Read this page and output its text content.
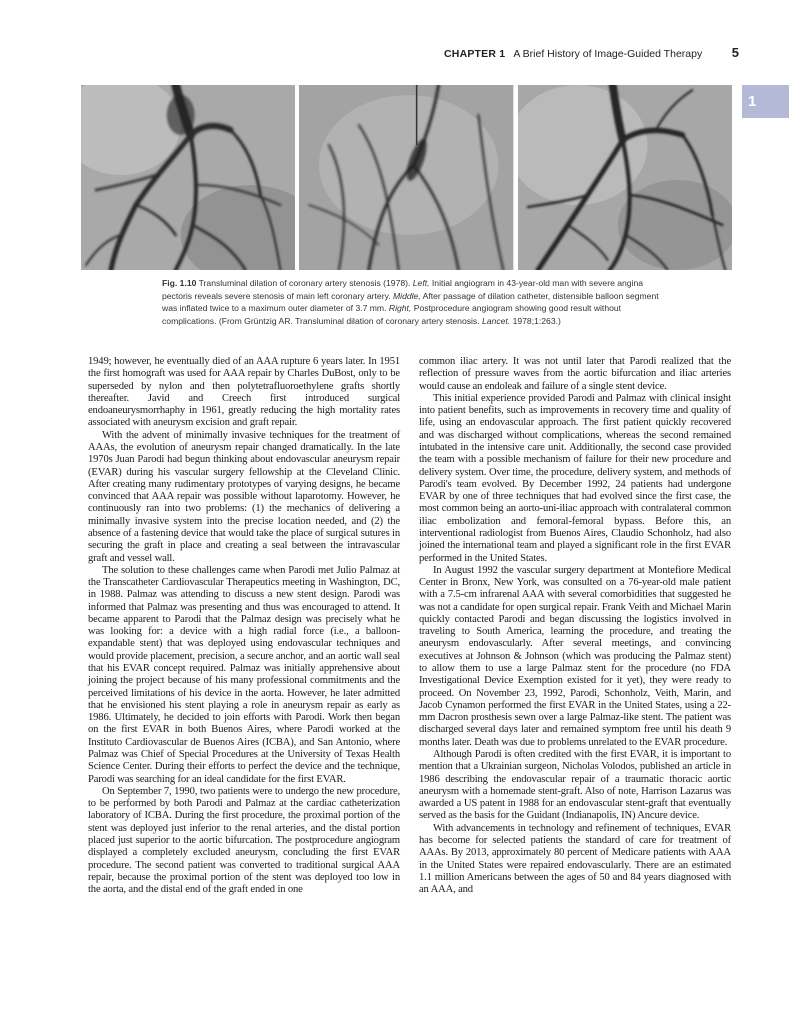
CHAPTER 1 A Brief History of Image-Guided Therapy 5
1
Fig. 1.10 Transluminal dilation of coronary artery stenosis (1978). Left, Initial angiogram in 43-year-old man with severe angina pectoris reveals severe stenosis of main left coronary artery. Middle, After passage of dilation catheter, distensible balloon segment was inflated twice to a maximum outer diameter of 3.7 mm. Right, Postprocedure angiogram showing good result without complications. (From Grüntzig AR. Transluminal dilation of coronary artery stenosis. Lancet. 1978;1:263.)

1949; however, he eventually died of an AAA rupture 6 years later. In 1951 the first homograft was used for AAA repair by Charles DuBost, only to be superseded by nylon and then polytetrafluoroethylene grafts shortly thereafter. Javid and Creech first introduced surgical endoaneurysmorrhaphy in 1961, greatly reducing the high mortality rates associated with aneurysm excision and graft repair.

With the advent of minimally invasive techniques for the treatment of AAAs, the evolution of aneurysm repair changed dramatically. In the late 1970s Juan Parodi had begun thinking about endovascular aneurysm repair (EVAR) during his vascular surgery fellowship at the Cleveland Clinic. After creating many rudimentary prototypes of varying designs, he became convinced that AAA repair was possible without laparotomy. However, he continuously ran into two problems: (1) the mechanics of delivering a minimally invasive system into the precise location needed, and (2) the absence of a fastening device that would take the place of surgical sutures in securing the graft in place and creating a seal between the intravascular graft and vessel wall.

The solution to these challenges came when Parodi met Julio Palmaz at the Transcatheter Cardiovascular Therapeutics meeting in Washington, DC, in 1988. Palmaz was attending to discuss a new stent design. Parodi was informed that Palmaz was presenting and thus was encouraged to attend. It became apparent to Parodi that the Palmaz design was precisely what he was looking for: a device with a high radial force (i.e., a balloon-expandable stent) that was deployed using endovascular techniques and would provide placement, precision, a secure anchor, and an aortic wall seal that his EVAR concept required. Palmaz was initially apprehensive about joining the project because of his many professional commitments and the perceived limitations of his device in the aorta. However, he later admitted that he envisioned his stent playing a role in aneurysm repair as early as 1986. Ultimately, he decided to join efforts with Parodi. Work then began on the first EVAR in both Buenos Aires, where Parodi worked at the Instituto Cardiovascular de Buenos Aires (ICBA), and San Antonio, where Palmaz was Chief of Special Procedures at the University of Texas Health Science Center. During their efforts to perfect the device and the technique, Parodi was searching for an ideal candidate for the first EVAR.

On September 7, 1990, two patients were to undergo the new procedure, to be performed by both Parodi and Palmaz at the cardiac catheterization laboratory of ICBA. During the first procedure, the proximal portion of the stent was deployed just inferior to the renal arteries, and the distal portion placed just superior to the aortic bifurcation. The postprocedure angiogram displayed a completely excluded aneurysm, concluding the first EVAR procedure. The second patient was converted to traditional surgical AAA repair, because the proximal portion of the stent was deployed too low in the aorta, and the distal end of the graft ended in one

common iliac artery. It was not until later that Parodi realized that the reflection of pressure waves from the aortic bifurcation and iliac arteries would cause an endoleak and failure of a single stent device.

This initial experience provided Parodi and Palmaz with clinical insight into patient benefits, such as improvements in recovery time and quality of life, using an endovascular approach. The first patient quickly recovered and was discharged without complications, whereas the second remained intubated in the intensive care unit. Additionally, the second case provided the team with a possible mechanism of failure for their new procedure and delivery system. Over time, the procedure, delivery system, and methods of Parodi's team evolved. By December 1992, 24 patients had undergone EVAR by one of three techniques that had evolved since the first case, the most common being an aorto-uni-iliac approach with contralateral common iliac embolization and femoral-femoral bypass. Before this, an interventional radiologist from Buenos Aires, Claudio Schonholz, had also joined the international team and played a significant role in the first EVAR performed in the United States.

In August 1992 the vascular surgery department at Montefiore Medical Center in Bronx, New York, was consulted on a 76-year-old male patient with a 7.5-cm infrarenal AAA with several comorbidities that suggested he was not a candidate for open surgical repair. Frank Veith and Michael Marin quickly contacted Parodi and began discussing the logistics involved in traveling to South America, learning the procedure, and treating the aneurysm endovascularly. After several meetings, and convincing executives at Johnson & Johnson (which was producing the Palmaz stent) to allow them to use a large Palmaz stent for the procedure (no FDA Investigational Device Exemption existed for it yet), they were ready to proceed. On November 23, 1992, Parodi, Schonholz, Veith, Marin, and Jacob Cynamon performed the first EVAR in the United States, using a 22-mm Dacron prosthesis sewn over a large Palmaz-like stent. The patient was discharged several days later and remained symptom free until his death 9 months later. Death was due to problems unrelated to the EVAR procedure.

Although Parodi is often credited with the first EVAR, it is important to mention that a Ukrainian surgeon, Nicholas Volodos, published an article in 1986 describing the endovascular repair of a traumatic thoracic aortic aneurysm with a homemade stent-graft. Also of note, Harrison Lazarus was awarded a US patent in 1988 for an endovascular stent-graft that eventually served as the basis for the Guidant (Indianapolis, IN) Ancure device.

With advancements in technology and refinement of techniques, EVAR has become for selected patients the standard of care for treatment of AAAs. By 2013, approximately 80 percent of Medicare patients with AAA in the United States were repaired endovascularly. There are an estimated 1.1 million Americans between the ages of 50 and 84 years diagnosed with an AAA, and
